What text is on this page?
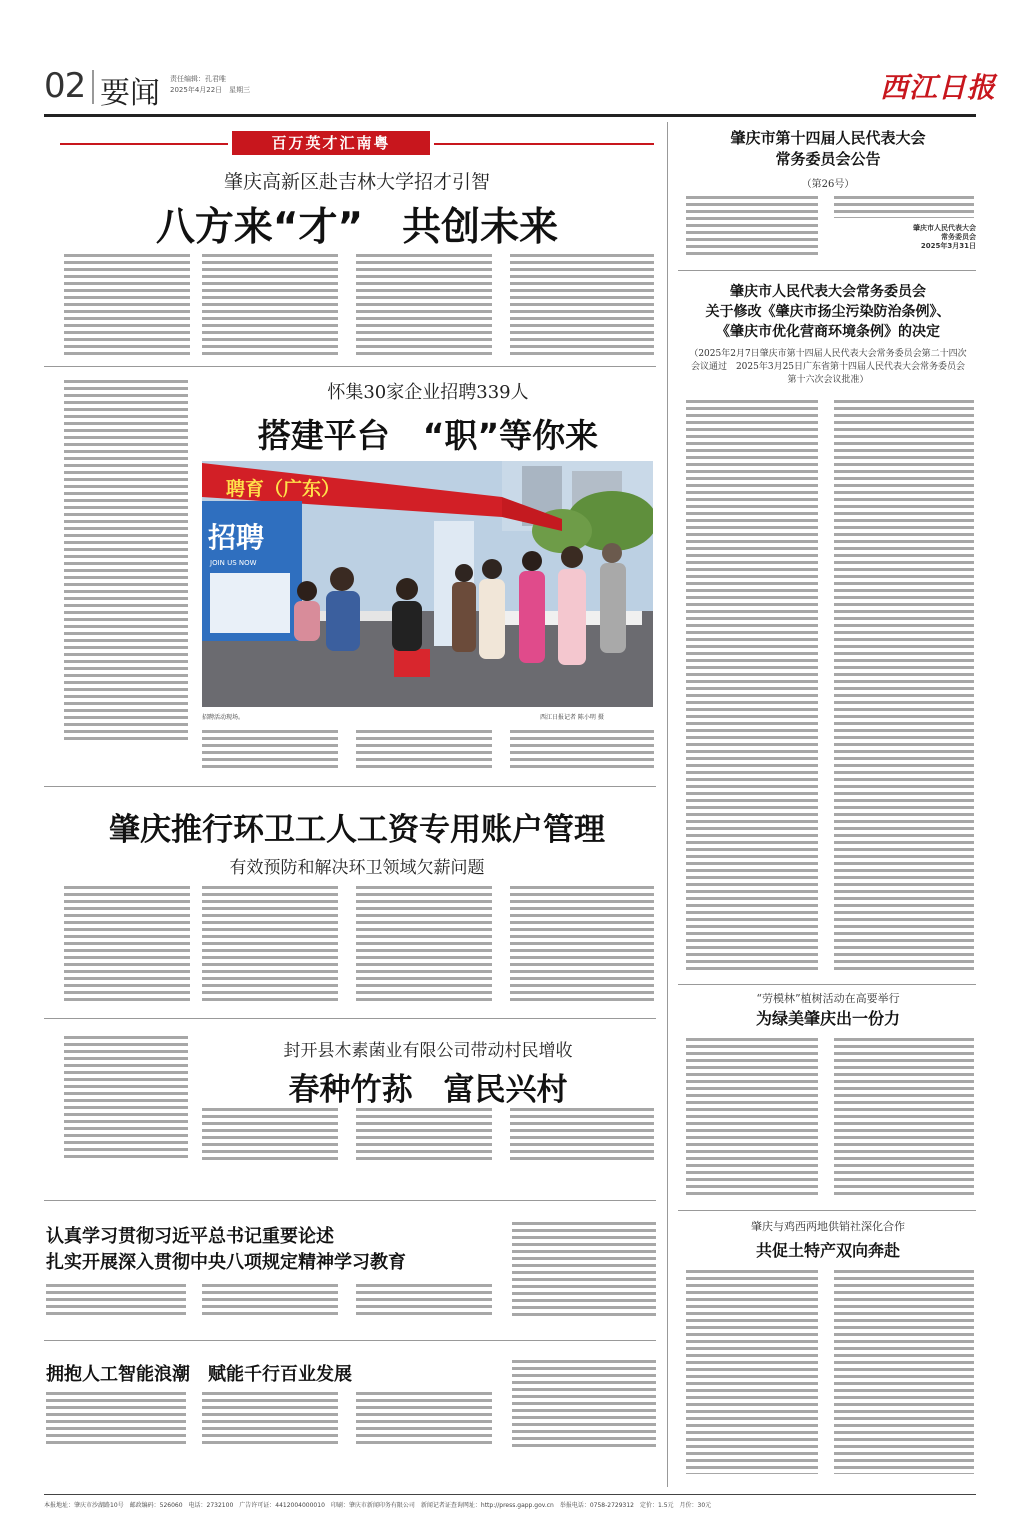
02 要闻 责任编辑：孔君唯
2025年4月22日　星期三	西江日报
百万英才汇南粤
肇庆高新区赴吉林大学招才引智
八方来“才”　共创未来
怀集30家企业招聘339人
搭建平台　“职”等你来
聘育（广东）
招聘
JOIN US NOW
招聘活动现场。	西江日报记者 陈小明 摄
肇庆推行环卫工人工资专用账户管理
有效预防和解决环卫领域欠薪问题
封开县木素菌业有限公司带动村民增收
春种竹荪　富民兴村
认真学习贯彻习近平总书记重要论述
扎实开展深入贯彻中央八项规定精神学习教育
拥抱人工智能浪潮　赋能千行百业发展
肇庆市第十四届人民代表大会
常务委员会公告
（第26号）
肇庆市人民代表大会
常务委员会
2025年3月31日
肇庆市人民代表大会常务委员会
关于修改《肇庆市扬尘污染防治条例》、
《肇庆市优化营商环境条例》的决定
（2025年2月7日肇庆市第十四届人民代表大会常务委员会第二十四次会议通过　2025年3月25日广东省第十四届人民代表大会常务委员会第十六次会议批准）
“劳模林”植树活动在高要举行
为绿美肇庆出一份力
肇庆与鸡西两地供销社深化合作
共促土特产双向奔赴
本报地址：肇庆市沙湖路10号　邮政编码：526060　电话：2732100　广告许可证：4412004000010　印刷：肇庆市新闻印务有限公司　新闻记者证查询网址：http://press.gapp.gov.cn　举报电话：0758-2729312　定价：1.5元　月价：30元
